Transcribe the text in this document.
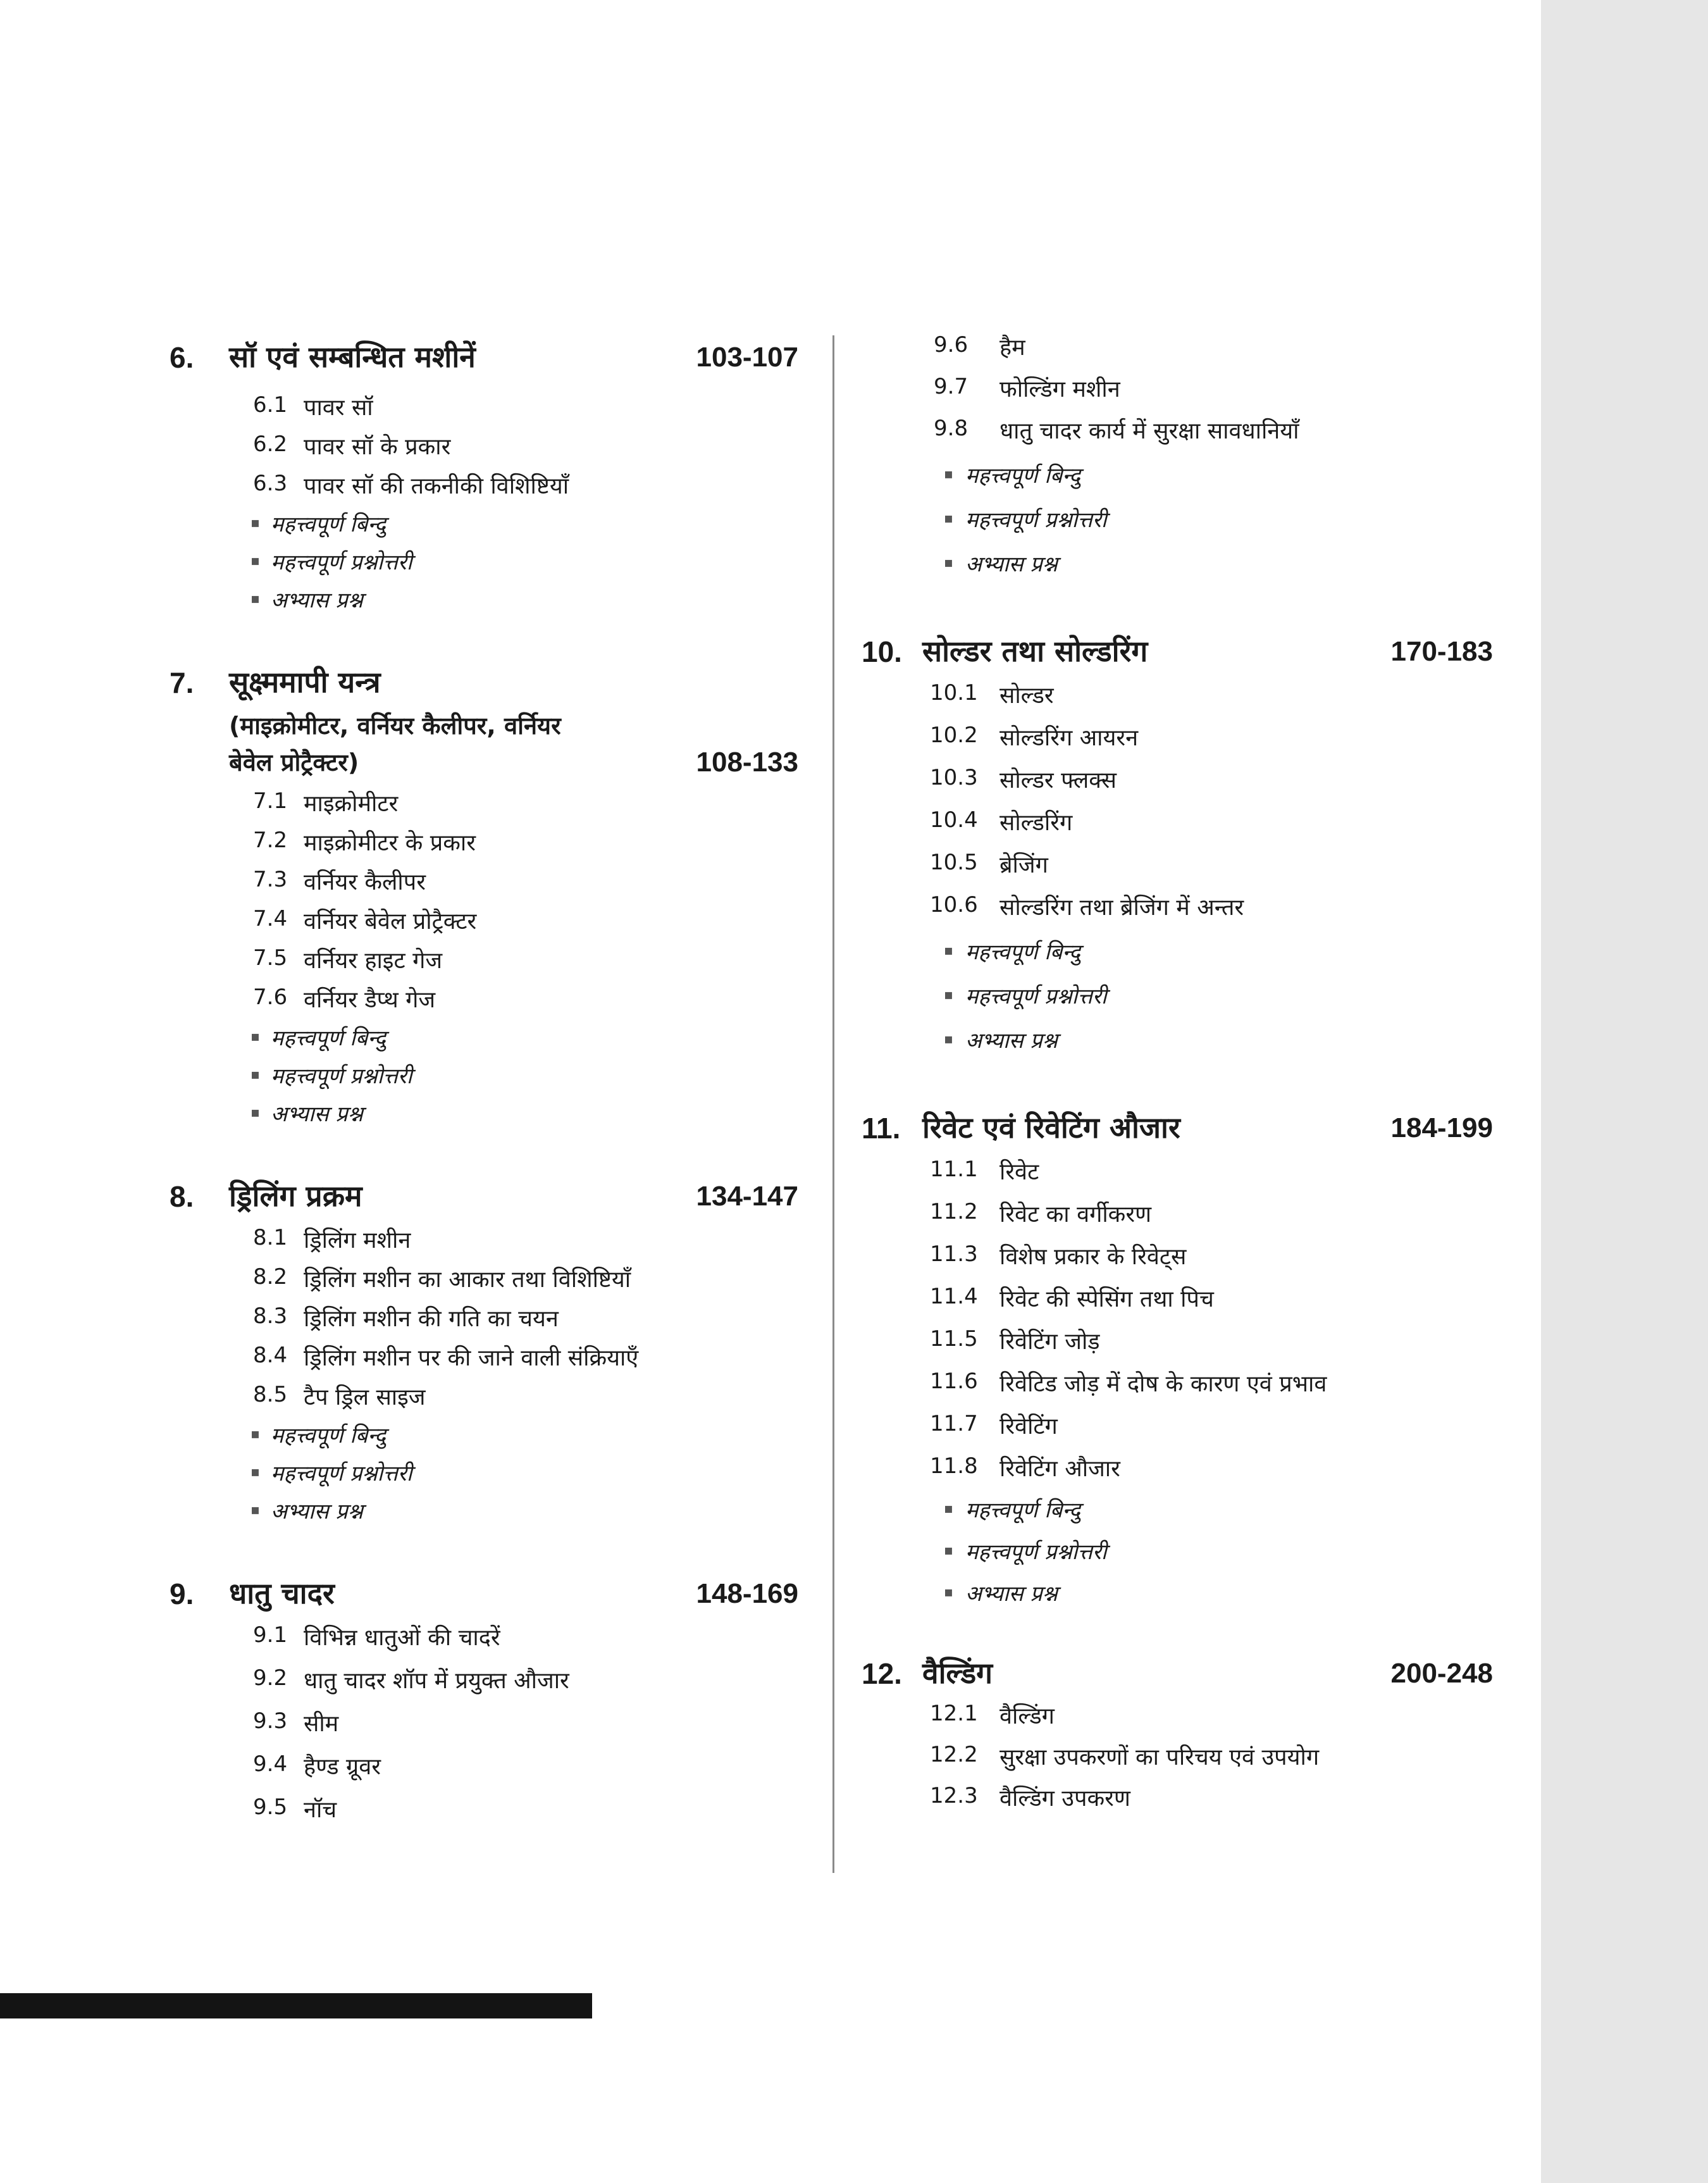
6. सॉ एवं सम्बन्धित मशीनें	103-107
6.1 पावर सॉ
6.2 पावर सॉ के प्रकार
6.3 पावर सॉ की तकनीकी विशिष्टियाँ
▪ महत्त्वपूर्ण बिन्दु
▪ महत्त्वपूर्ण प्रश्नोत्तरी
▪ अभ्यास प्रश्न
7. सूक्ष्ममापी यन्त्र
(माइक्रोमीटर, वर्नियर कैलीपर, वर्नियर
बेवेल प्रोट्रैक्टर)	108-133
7.1 माइक्रोमीटर
7.2 माइक्रोमीटर के प्रकार
7.3 वर्नियर कैलीपर
7.4 वर्नियर बेवेल प्रोट्रैक्टर
7.5 वर्नियर हाइट गेज
7.6 वर्नियर डैप्थ गेज
▪ महत्त्वपूर्ण बिन्दु
▪ महत्त्वपूर्ण प्रश्नोत्तरी
▪ अभ्यास प्रश्न
8. ड्रिलिंग प्रक्रम	134-147
8.1 ड्रिलिंग मशीन
8.2 ड्रिलिंग मशीन का आकार तथा विशिष्टियाँ
8.3 ड्रिलिंग मशीन की गति का चयन
8.4 ड्रिलिंग मशीन पर की जाने वाली संक्रियाएँ
8.5 टैप ड्रिल साइज
▪ महत्त्वपूर्ण बिन्दु
▪ महत्त्वपूर्ण प्रश्नोत्तरी
▪ अभ्यास प्रश्न
9. धातु चादर	148-169
9.1 विभिन्न धातुओं की चादरें
9.2 धातु चादर शॉप में प्रयुक्त औजार
9.3 सीम
9.4 हैण्ड ग्रूवर
9.5 नॉच
9.6 हैम
9.7 फोल्डिंग मशीन
9.8 धातु चादर कार्य में सुरक्षा सावधानियाँ
▪ महत्त्वपूर्ण बिन्दु
▪ महत्त्वपूर्ण प्रश्नोत्तरी
▪ अभ्यास प्रश्न
10. सोल्डर तथा सोल्डरिंग	170-183
10.1 सोल्डर
10.2 सोल्डरिंग आयरन
10.3 सोल्डर फ्लक्स
10.4 सोल्डरिंग
10.5 ब्रेजिंग
10.6 सोल्डरिंग तथा ब्रेजिंग में अन्तर
▪ महत्त्वपूर्ण बिन्दु
▪ महत्त्वपूर्ण प्रश्नोत्तरी
▪ अभ्यास प्रश्न
11. रिवेट एवं रिवेटिंग औजार	184-199
11.1 रिवेट
11.2 रिवेट का वर्गीकरण
11.3 विशेष प्रकार के रिवेट्स
11.4 रिवेट की स्पेसिंग तथा पिच
11.5 रिवेटिंग जोड़
11.6 रिवेटिड जोड़ में दोष के कारण एवं प्रभाव
11.7 रिवेटिंग
11.8 रिवेटिंग औजार
▪ महत्त्वपूर्ण बिन्दु
▪ महत्त्वपूर्ण प्रश्नोत्तरी
▪ अभ्यास प्रश्न
12. वैल्डिंग	200-248
12.1 वैल्डिंग
12.2 सुरक्षा उपकरणों का परिचय एवं उपयोग
12.3 वैल्डिंग उपकरण
